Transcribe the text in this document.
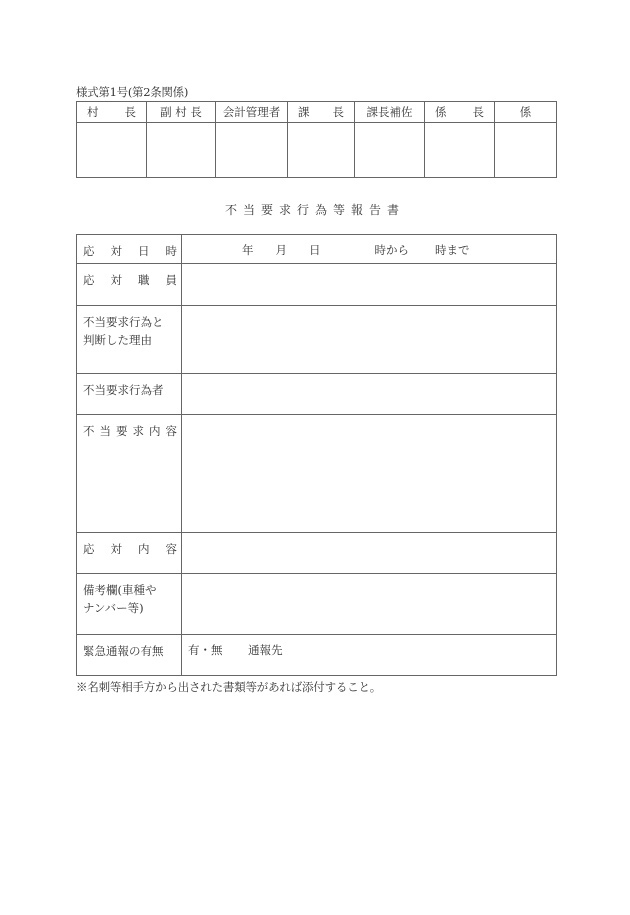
様式第1号(第2条関係)
村 長	副 村 長	会計管理者	課 長	課長補佐	係 長	係

不当要求行為等報告書
応 対 日 時	年 月 日 時から 時まで

応 対 職 員	

不当要求行為と
判断した理由	

不当要求行為者	

不 当 要 求 内 容

応 対 内 容	

備考欄(車種や
ナンバー等)	

緊急通報の有無	有・無 通報先
※名刺等相手方から出された書類等があれば添付すること。
